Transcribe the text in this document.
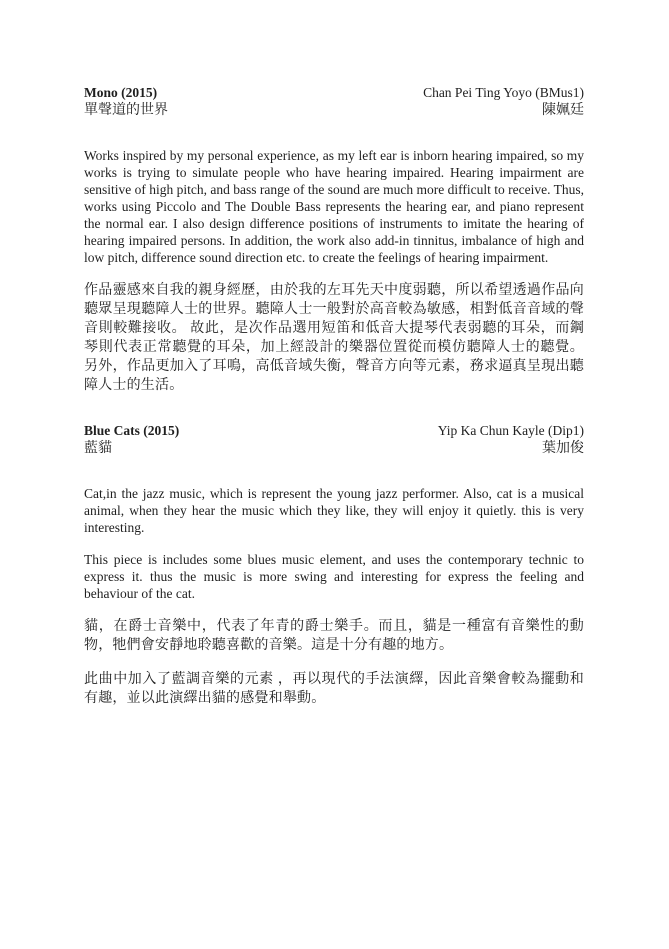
Mono (2015)	Chan Pei Ting Yoyo (BMus1)
單聲道的世界	陳姵廷

Works inspired by my personal experience, as my left ear is inborn hearing impaired, so my works is trying to simulate people who have hearing impaired. Hearing impairment are sensitive of high pitch, and bass range of the sound are much more difficult to receive. Thus, works using Piccolo and The Double Bass represents the hearing ear, and piano represent the normal ear. I also design difference positions of instruments to imitate the hearing of hearing impaired persons. In addition, the work also add-in tinnitus, imbalance of high and low pitch, difference sound direction etc. to create the feelings of hearing impairment.

作品靈感來自我的親身經歷，由於我的左耳先天中度弱聽，所以希望透過作品向聽眾呈現聽障人士的世界。聽障人士一般對於高音較為敏感，相對低音音域的聲音則較難接收。 故此，是次作品選用短笛和低音大提琴代表弱聽的耳朵，而鋼琴則代表正常聽覺的耳朵，加上經設計的樂器位置從而模仿聽障人士的聽覺。 另外，作品更加入了耳鳴，高低音域失衡，聲音方向等元素，務求逼真呈現出聽障人士的生活。

Blue Cats (2015)	Yip Ka Chun Kayle (Dip1)
藍貓	葉加俊

Cat,in the jazz music, which is represent the young jazz performer. Also, cat is a musical animal, when they hear the music which they like, they will enjoy it quietly. this is very interesting.

This piece is includes some blues music element, and uses the contemporary technic to express it. thus the music is more swing and interesting for express the feeling and behaviour of the cat.

貓，在爵士音樂中，代表了年青的爵士樂手。而且，貓是一種富有音樂性的動物，牠們會安靜地聆聽喜歡的音樂。這是十分有趣的地方。

此曲中加入了藍調音樂的元素 ，再以現代的手法演繹，因此音樂會較為擺動和有趣，並以此演繹出貓的感覺和舉動。
